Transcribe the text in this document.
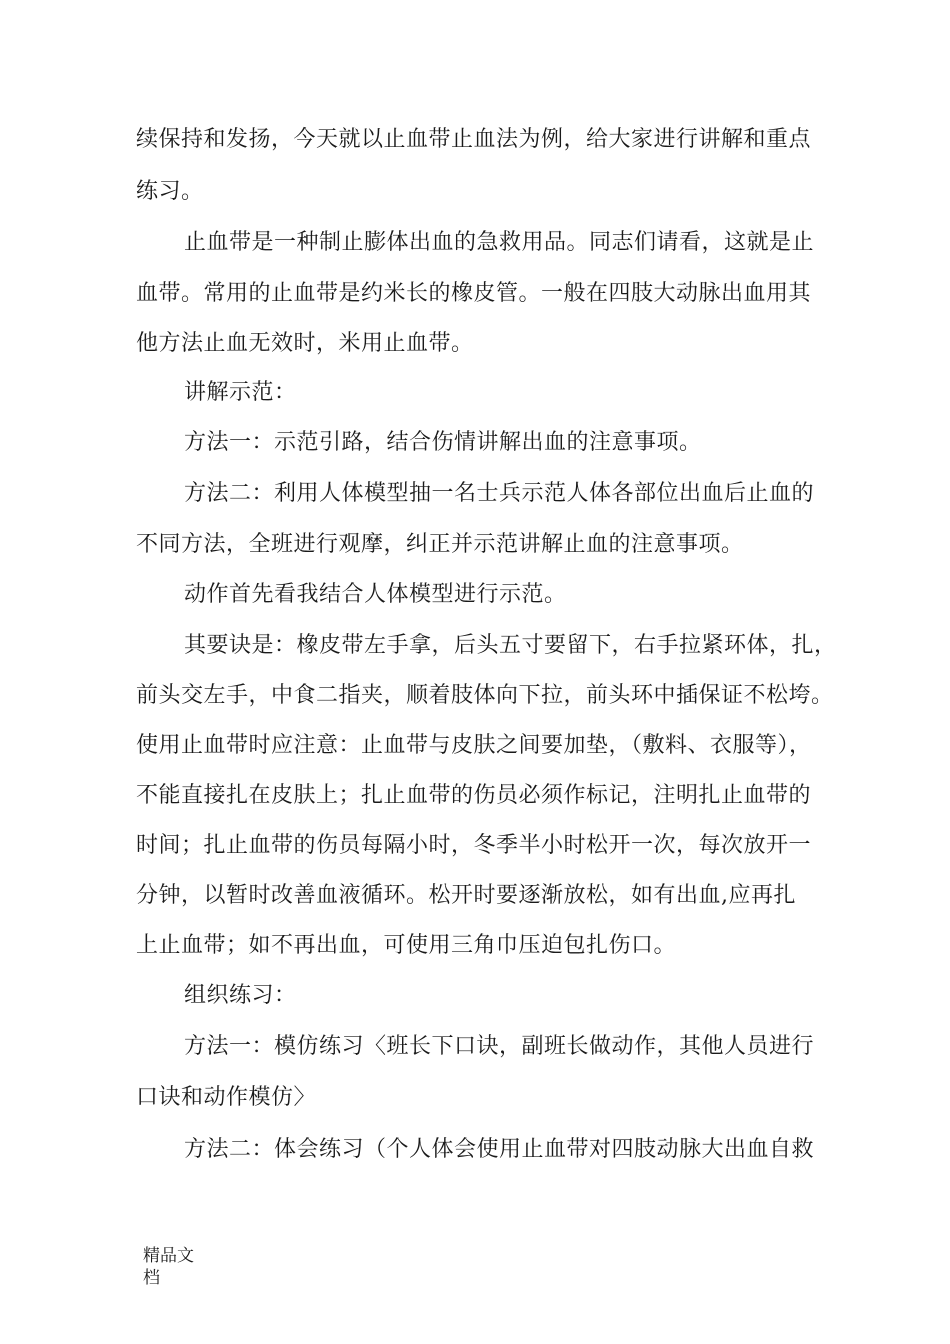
续保持和发扬，今天就以止血带止血法为例，给大家进行讲解和重点
练习。
止血带是一种制止膨体出血的急救用品。同志们请看，这就是止
血带。常用的止血带是约米长的橡皮管。一般在四肢大动脉出血用其
他方法止血无效时，米用止血带。
讲解示范：
方法一：示范引路，结合伤情讲解出血的注意事项。
方法二：利用人体模型抽一名士兵示范人体各部位出血后止血的
不同方法，全班进行观摩，纠正并示范讲解止血的注意事项。
动作首先看我结合人体模型进行示范。
其要诀是：橡皮带左手拿，后头五寸要留下，右手拉紧环体，扎，
前头交左手，中食二指夹，顺着肢体向下拉，前头环中插保证不松垮。
使用止血带时应注意：止血带与皮肤之间要加垫，（敷料、衣服等），
不能直接扎在皮肤上；扎止血带的伤员必须作标记，注明扎止血带的
时间；扎止血带的伤员每隔小时，冬季半小时松开一次，每次放开一
分钟，以暂时改善血液循环。松开时要逐渐放松，如有出血,应再扎
上止血带；如不再出血，可使用三角巾压迫包扎伤口。
组织练习：
方法一：模仿练习〈班长下口诀，副班长做动作，其他人员进行
口诀和动作模仿〉
方法二：体会练习（个人体会使用止血带对四肢动脉大出血自救
精品文
档
